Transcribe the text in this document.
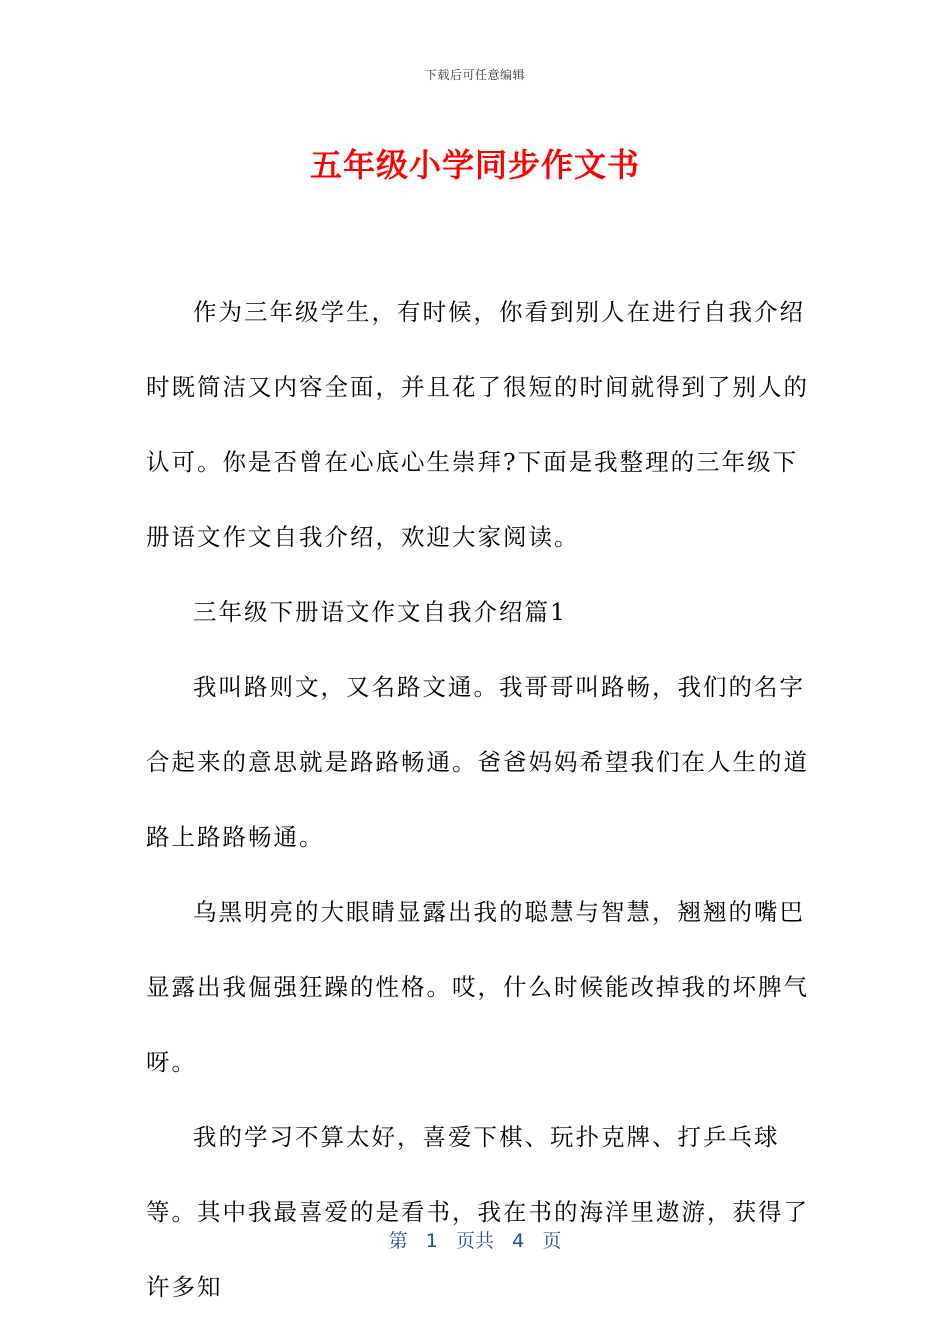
下载后可任意编辑
五年级小学同步作文书

作为三年级学生，有时候，你看到别人在进行自我介绍时既简洁又内容全面，并且花了很短的时间就得到了别人的认可。你是否曾在心底心生崇拜?下面是我整理的三年级下册语文作文自我介绍，欢迎大家阅读。

三年级下册语文作文自我介绍篇1

我叫路则文，又名路文通。我哥哥叫路畅，我们的名字合起来的意思就是路路畅通。爸爸妈妈希望我们在人生的道路上路路畅通。

乌黑明亮的大眼睛显露出我的聪慧与智慧，翘翘的嘴巴显露出我倔强狂躁的性格。哎，什么时候能改掉我的坏脾气呀。

我的学习不算太好，喜爱下棋、玩扑克牌、打乒乓球等。其中我最喜爱的是看书，我在书的海洋里遨游，获得了许多知

第 1 页共 4 页
